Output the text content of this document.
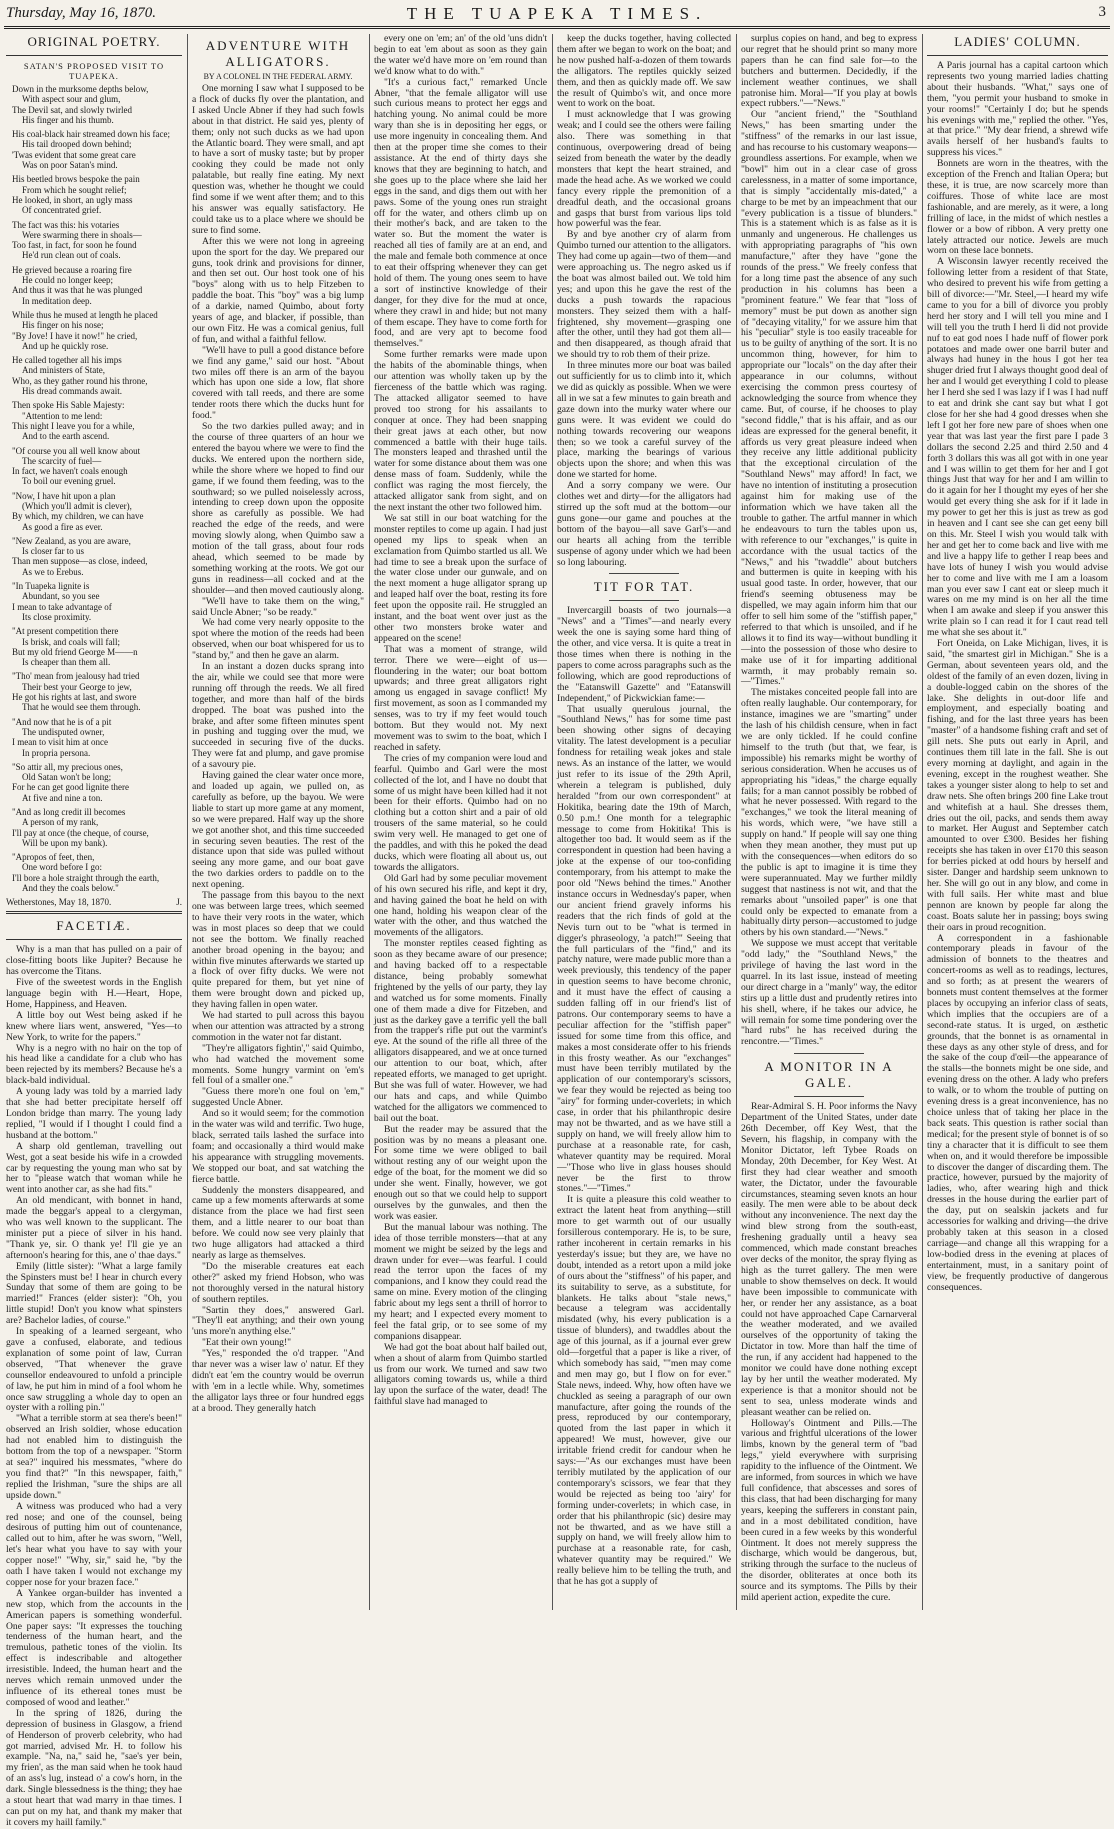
Thursday, May 16, 1870.	THE TUAPEKA TIMES.	3
ORIGINAL POETRY.
SATAN'S PROPOSED VISIT TO TUAPEKA.
Down in the murksome depths below,
With aspect sour and glum,
The Devil sat, and slowly twirled
His finger and his thumb.
His coal-black hair streamed down his face;
His tail drooped down behind;
'Twas evident that some great care
Was on poor Satan's mind.
His beetled brows bespoke the pain
From which he sought relief;
He looked, in short, an ugly mass
Of concentrated grief.
The fact was this: his votaries
Were swarming there in shoals—
Too fast, in fact, for soon he found
He'd run clean out of coals.
He grieved because a roaring fire
He could no longer keep;
And thus it was that he was plunged
In meditation deep.
While thus he mused at length he placed
His finger on his nose;
"By Jove! I have it now!" he cried,
And up he quickly rose.
He called together all his imps
And ministers of State,
Who, as they gather round his throne,
His dread commands await.
Then spoke His Sable Majesty:
"Attention to me lend:
This night I leave you for a while,
And to the earth ascend.
"Of course you all well know about
The scarcity of fuel—
In fact, we haven't coals enough
To boil our evening gruel.
"Now, I have hit upon a plan
(Which you'll admit is clever),
By which, my children, we can have
As good a fire as ever.
"New Zealand, as you are aware,
Is closer far to us
Than men suppose—as close, indeed,
As we to Erebus.
"In Tuapeka lignite is
Abundant, so you see
I mean to take advantage of
Its close proximity.
"At present competition there
Is brisk, and coals will fall;
But my old friend George M——n
Is cheaper than them all.
"Tho' mean from jealousy had tried
Their best your George to jew,
He got his rights at last, and swore
That he would see them through.
"And now that he is of a pit
The undisputed owner,
I mean to visit him at once
In propria persona.
"So attir all, my precious ones,
Old Satan won't be long;
For he can get good lignite there
At five and nine a ton.
"And as long credit ill becomes
A person of my rank,
I'll pay at once (the cheque, of course,
Will be upon my bank).
"Apropos of feet, then,
One word before I go:
I'll bore a hole straight through the earth,
And they the coals below."
Wetherstones, May 18, 1870.	J.
FACETIÆ.

Why is a man that has pulled on a pair of close-fitting boots like Jupiter? Because he has overcome the Titans.

Five of the sweetest words in the English language begin with H.—Heart, Hope, Home, Happiness, and Heaven.

A little boy out West being asked if he knew where liars went, answered, "Yes—to New York, to write for the papers."

Why is a negro with no hair on the top of his head like a candidate for a club who has been rejected by its members? Because he's a black-bald individual.

A young lady was told by a married lady that she had better precipitate herself off London bridge than marry. The young lady replied, "I would if I thought I could find a husband at the bottom."

A sharp old gentleman, travelling out West, got a seat beside his wife in a crowded car by requesting the young man who sat by her to "please watch that woman while he went into another car, as she had fits."

An old mendicant, with bonnet in hand, made the beggar's appeal to a clergyman, who was well known to the supplicant. The minister put a piece of silver in his hand. "Thank ye, sir. O thank ye! I'll gie ye an afternoon's hearing for this, ane o' thae days."

Emily (little sister): "What a large family the Spinsters must be! I hear in church every Sunday that some of them are going to be married!" Frances (elder sister): "Oh, you little stupid! Don't you know what spinsters are? Bachelor ladies, of course."

In speaking of a learned sergeant, who gave a confused, elaborate, and tedious explanation of some point of law, Curran observed, "That whenever the grave counsellor endeavoured to unfold a principle of law, he put him in mind of a fool whom he once saw struggling a whole day to open an oyster with a rolling pin."

"What a terrible storm at sea there's been!" observed an Irish soldier, whose education had not enabled him to distinguish the bottom from the top of a newspaper. "Storm at sea?" inquired his messmates, "where do you find that?" "In this newspaper, faith," replied the Irishman, "sure the ships are all upside down."

A witness was produced who had a very red nose; and one of the counsel, being desirous of putting him out of countenance, called out to him, after he was sworn, "Well, let's hear what you have to say with your copper nose!" "Why, sir," said he, "by the oath I have taken I would not exchange my copper nose for your brazen face."

A Yankee organ-builder has invented a new stop, which from the accounts in the American papers is something wonderful. One paper says: "It expresses the touching tenderness of the human heart, and the tremulous, pathetic tones of the violin. Its effect is indescribable and altogether irresistible. Indeed, the human heart and the nerves which remain unmoved under the influence of its ethereal tones must be composed of wood and leather."

In the spring of 1826, during the depression of business in Glasgow, a friend of Henderson of proverb celebrity, who had got married, advised Mr. H. to follow his example. "Na, na," said he, "sae's yer bein, my frien', as the man said when he took haud of an ass's lug, instead o' a cow's horn, in the dark. Single blessedness is the thing; they hae a stout heart that wad marry in thae times. I can put on my hat, and thank my maker that it covers my haill family."

ADVENTURE WITH ALLIGATORS.
BY A COLONEL IN THE FEDERAL ARMY.

One morning I saw what I supposed to be a flock of ducks fly over the plantation, and I asked Uncle Abner if they had such fowls about in that district. He said yes, plenty of them; only not such ducks as we had upon the Atlantic board. They were small, and apt to have a sort of musky taste; but by proper cooking they could be made not only palatable, but really fine eating. My next question was, whether he thought we could find some if we went after them; and to this his answer was equally satisfactory. He could take us to a place where we should be sure to find some.

After this we were not long in agreeing upon the sport for the day. We prepared our guns, took drink and provisions for dinner, and then set out. Our host took one of his "boys" along with us to help Fitzeben to paddle the boat. This "boy" was a big lump of a darkie, named Quimbo, about forty years of age, and blacker, if possible, than our own Fitz. He was a comical genius, full of fun, and withal a faithful fellow.

"We'll have to pull a good distance before we find any game," said our host. "About two miles off there is an arm of the bayou which has upon one side a low, flat shore covered with tall reeds, and there are some tender roots there which the ducks hunt for food."

So the two darkies pulled away; and in the course of three quarters of an hour we entered the bayou where we were to find the ducks. We entered upon the northern side, while the shore where we hoped to find our game, if we found them feeding, was to the southward; so we pulled noiselessly across, intending to creep down upon the opposite shore as carefully as possible. We had reached the edge of the reeds, and were moving slowly along, when Quimbo saw a motion of the tall grass, about four rods ahead, which seemed to be made by something working at the roots. We got our guns in readiness—all cocked and at the shoulder—and then moved cautiously along.

"We'll have to take them on the wing," said Uncle Abner; "so be ready."

We had come very nearly opposite to the spot where the motion of the reeds had been observed, when our boat whispered for us to "stand by," and then he gave an alarm.

In an instant a dozen ducks sprang into the air, while we could see that more were running off through the reeds. We all fired together, and more than half of the birds dropped. The boat was pushed into the brake, and after some fifteen minutes spent in pushing and tugging over the mud, we succeeded in securing five of the ducks. They were fat and plump, and gave promise of a savoury pie.

Having gained the clear water once more, and loaded up again, we pulled on, as carefully as before, up the bayou. We were liable to start up more game at any moment, so we were prepared. Half way up the shore we got another shot, and this time succeeded in securing seven beauties. The rest of the distance upon that side was pulled without seeing any more game, and our boat gave the two darkies orders to paddle on to the next opening.

The passage from this bayou to the next one was between large trees, which seemed to have their very roots in the water, which was in most places so deep that we could not see the bottom. We finally reached another broad opening in the bayou; and within five minutes afterwards we started up a flock of over fifty ducks. We were not quite prepared for them, but yet nine of them were brought down and picked up, they having fallen in open water.

We had started to pull across this bayou when our attention was attracted by a strong commotion in the water not far distant.

"They're alligators fightin'," said Quimbo, who had watched the movement some moments. Some hungry varmint on 'em's fell foul of a smaller one."

"Guess there more'n one foul on 'em," suggested Uncle Abner.

And so it would seem; for the commotion in the water was wild and terrific. Two huge, black, serrated tails lashed the surface into foam; and occasionally a third would make his appearance with struggling movements. We stopped our boat, and sat watching the fierce battle.

Suddenly the monsters disappeared, and came up a few moments afterwards at some distance from the place we had first seen them, and a little nearer to our boat than before. We could now see very plainly that two huge alligators had attacked a third nearly as large as themselves.

"Do the miserable creatures eat each other?" asked my friend Hobson, who was not thoroughly versed in the natural history of southern reptiles.

"Sartin they does," answered Garl. "They'll eat anything; and their own young 'uns more'n anything else."

"Eat their own young!"

"Yes," responded the o'd trapper. "And thar never was a wiser law o' natur. Ef they didn't eat 'em the country would be overrun with 'em in a lectle while. Why, sometimes the alligator lays three or four hundred eggs at a brood. They generally hatch

every one on 'em; an' of the old 'uns didn't begin to eat 'em about as soon as they gain the water we'd have more on 'em round than we'd know what to do with."

"It's a curious fact," remarked Uncle Abner, "that the female alligator will use such curious means to protect her eggs and hatching young. No animal could be more wary than she is in depositing her eggs, or use more ingenuity in concealing them. And then at the proper time she comes to their assistance. At the end of thirty days she knows that they are beginning to hatch, and she goes up to the place where she laid her eggs in the sand, and digs them out with her paws. Some of the young ones run straight off for the water, and others climb up on their mother's back, and are taken to the water so. But the moment the water is reached all ties of family are at an end, and the male and female both commence at once to eat their offspring whenever they can get hold of them. The young ones seem to have a sort of instinctive knowledge of their danger, for they dive for the mud at once, where they crawl in and hide; but not many of them escape. They have to come forth for food, and are very apt to become food themselves."

Some further remarks were made upon the habits of the abominable things, when our attention was wholly taken up by the fierceness of the battle which was raging. The attacked alligator seemed to have proved too strong for his assailants to conquer at once. They had been snapping their great jaws at each other, but now commenced a battle with their huge tails. The monsters leaped and thrashed until the water for some distance about them was one dense mass of foam. Suddenly, while the conflict was raging the most fiercely, the attacked alligator sank from sight, and on the next instant the other two followed him.

We sat still in our boat watching for the monster reptiles to come up again. I had just opened my lips to speak when an exclamation from Quimbo startled us all. We had time to see a break upon the surface of the water close under our gunwale, and on the next moment a huge alligator sprang up and leaped half over the boat, resting its fore feet upon the opposite rail. He struggled an instant, and the boat went over just as the other two monsters broke water and appeared on the scene!

That was a moment of strange, wild terror. There we were—eight of us—floundering in the water; our boat bottom upwards; and three great alligators right among us engaged in savage conflict! My first movement, as soon as I commanded my senses, was to try if my feet would touch bottom. But they would not. My next movement was to swim to the boat, which I reached in safety.

The cries of my companion were loud and fearful. Quimbo and Garl were the most collected of the lot, and I have no doubt that some of us might have been killed had it not been for their efforts. Quimbo had on no clothing but a cotton shirt and a pair of old trousers of the same material, so he could swim very well. He managed to get one of the paddles, and with this he poked the dead ducks, which were floating all about us, out towards the alligators.

Old Garl had by some peculiar movement of his own secured his rifle, and kept it dry, and having gained the boat he held on with one hand, holding his weapon clear of the water with the other, and thus watched the movements of the alligators.

The monster reptiles ceased fighting as soon as they became aware of our presence; and having backed off to a respectable distance, being probably somewhat frightened by the yells of our party, they lay and watched us for some moments. Finally one of them made a dive for Fitzeben, and just as the darkey gave a terrific yell the ball from the trapper's rifle put out the varmint's eye. At the sound of the rifle all three of the alligators disappeared, and we at once turned our attention to our boat, which, after repeated efforts, we managed to get upright. But she was full of water. However, we had our hats and caps, and while Quimbo watched for the alligators we commenced to bail out the boat.

But the reader may be assured that the position was by no means a pleasant one. For some time we were obliged to bail without resting any of our weight upon the edge of the boat, for the moment we did so under she went. Finally, however, we got enough out so that we could help to support ourselves by the gunwales, and then the work was easier.

But the manual labour was nothing. The idea of those terrible monsters—that at any moment we might be seized by the legs and drawn under for ever—was fearful. I could read the terror upon the faces of my companions, and I know they could read the same on mine. Every motion of the clinging fabric about my legs sent a thrill of horror to my heart; and I expected every moment to feel the fatal grip, or to see some of my companions disappear.

We had got the boat about half bailed out, when a shout of alarm from Quimbo startled us from our work. We turned and saw two alligators coming towards us, while a third lay upon the surface of the water, dead! The faithful slave had managed to

keep the ducks together, having collected them after we began to work on the boat; and he now pushed half-a-dozen of them towards the alligators. The reptiles quickly seized them, and then as quickly made off. We saw the result of Quimbo's wit, and once more went to work on the boat.

I must acknowledge that I was growing weak; and I could see the others were failing also. There was something in that continuous, overpowering dread of being seized from beneath the water by the deadly monsters that kept the heart strained, and made the head ache. As we worked we could fancy every ripple the premonition of a dreadful death, and the occasional groans and gasps that burst from various lips told how powerful was the fear.

By and bye another cry of alarm from Quimbo turned our attention to the alligators. They had come up again—two of them—and were approaching us. The negro asked us if the boat was almost bailed out. We told him yes; and upon this he gave the rest of the ducks a push towards the rapacious monsters. They seized them with a half-frightened, shy movement—grasping one after the other, until they had got them all—and then disappeared, as though afraid that we should try to rob them of their prize.

In three minutes more our boat was bailed out sufficiently for us to climb into it, which we did as quickly as possible. When we were all in we sat a few minutes to gain breath and gaze down into the murky water where our guns were. It was evident we could do nothing towards recovering our weapons then; so we took a careful survey of the place, marking the bearings of various objects upon the shore; and when this was done we started for home.

And a sorry company we were. Our clothes wet and dirty—for the alligators had stirred up the soft mud at the bottom—our guns gone—our game and pouches at the bottom of the bayou—all save Garl's—and our hearts all aching from the terrible suspense of agony under which we had been so long labouring.

TIT FOR TAT.

Invercargill boasts of two journals—a "News" and a "Times"—and nearly every week the one is saying some hard thing of the other, and vice versa. It is quite a treat in those times when there is nothing in the papers to come across paragraphs such as the following, which are good reproductions of the "Eatanswill Gazette" and "Eatanswill Independent," of Pickwickian fame:—

That usually querulous journal, the "Southland News," has for some time past been showing other signs of decaying vitality. The latest development is a peculiar fondness for retailing weak jokes and stale news. As an instance of the latter, we would just refer to its issue of the 29th April, wherein a telegram is published, duly heralded "from our own correspondent" at Hokitika, bearing date the 19th of March, 0.50 p.m.! One month for a telegraphic message to come from Hokitika! This is altogether too bad. It would seem as if the correspondent in question had been having a joke at the expense of our too-confiding contemporary, from his attempt to make the poor old "News behind the times." Another instance occurs in Wednesday's paper, when our ancient friend gravely informs his readers that the rich finds of gold at the Nevis turn out to be "what is termed in digger's phraseology, 'a patch!'" Seeing that the full particulars of the "find," and its patchy nature, were made public more than a week previously, this tendency of the paper in question seems to have become chronic, and it must have the effect of causing a sudden falling off in our friend's list of patrons. Our contemporary seems to have a peculiar affection for the "stiffish paper" issued for some time from this office, and makes a most considerate offer to his friends in this frosty weather. As our "exchanges" must have been terribly mutilated by the application of our contemporary's scissors, we fear they would be rejected as being too "airy" for forming under-coverlets; in which case, in order that his philanthropic desire may not be thwarted, and as we have still a supply on hand, we will freely allow him to purchase at a reasonable rate, for cash, whatever quantity may be required. Moral—"Those who live in glass houses should never be the first to throw stones."—"Times."

It is quite a pleasure this cold weather to extract the latent heat from anything—still more to get warmth out of our usually forsillerous contemporary. He is, to be sure, rather incoherent in certain remarks in his yesterday's issue; but they are, we have no doubt, intended as a retort upon a mild joke of ours about the "stiffness" of his paper, and its suitability to serve, as a substitute, for blankets. He talks about "stale news," because a telegram was accidentally misdated (why, his every publication is a tissue of blunders), and twaddles about the age of this journal, as if a journal ever grew old—forgetful that a paper is like a river, of which somebody has said, ""men may come and men may go, but I flow on for ever." Stale news, indeed. Why, how often have we chuckled as seeing a paragraph of our own manufacture, after going the rounds of the press, reproduced by our contemporary, quoted from the last paper in which it appeared! We must, however, give our irritable friend credit for candour when he says:—"As our exchanges must have been terribly mutilated by the application of our contemporary's scissors, we fear that they would be rejected as being too 'airy' for forming under-coverlets; in which case, in order that his philanthropic (sic) desire may not be thwarted, and as we have still a supply on hand, we will freely allow him to purchase at a reasonable rate, for cash, whatever quantity may be required." We really believe him to be telling the truth, and that he has got a supply of

surplus copies on hand, and beg to express our regret that he should print so many more papers than he can find sale for—to the butchers and buttermen. Decidedly, if the inclement weather continues, we shall patronise him. Moral—"If you play at bowls expect rubbers."—"News."

Our "ancient friend," the "Southland News," has been smarting under the "stiffness" of the remarks in our last issue, and has recourse to his customary weapons—groundless assertions. For example, when we "bowl" him out in a clear case of gross carelessness, in a matter of some importance, that is simply "accidentally mis-dated," a charge to be met by an impeachment that our "every publication is a tissue of blunders." This is a statement which is as false as it is unmanly and ungenerous. He challenges us with appropriating paragraphs of "his own manufacture," after they have "gone the rounds of the press." We freely confess that for a long time past the absence of any such production in his columns has been a "prominent feature." We fear that "loss of memory" must be put down as another sign of "decaying vitality," for we assure him that his "peculiar" style is too easily traceable for us to be guilty of anything of the sort. It is no uncommon thing, however, for him to appropriate our "locals" on the day after their appearance in our columns, without exercising the common press courtesy of acknowledging the source from whence they came. But, of course, if he chooses to play "second fiddle," that is his affair, and as our ideas are expressed for the general benefit, it affords us very great pleasure indeed when they receive any little additional publicity that the exceptional circulation of the "Southland News" may afford! In fact, we have no intention of instituting a prosecution against him for making use of the information which we have taken all the trouble to gather. The artful manner in which he endeavours to turn the tables upon us, with reference to our "exchanges," is quite in accordance with the usual tactics of the "News," and his "twaddle" about butchers and buttermen is quite in keeping with his usual good taste. In order, however, that our friend's seeming obtuseness may be dispelled, we may again inform him that our offer to sell him some of the "stiffish paper," referred to that which is unsoiled, and if he allows it to find its way—without bundling it—into the possession of those who desire to make use of it for imparting additional warmth, it may probably remain so.—"Times."

The mistakes conceited people fall into are often really laughable. Our contemporary, for instance, imagines we are "smarting" under the lash of his childish censure, when in fact we are only tickled. If he could confine himself to the truth (but that, we fear, is impossible) his remarks might be worthy of serious consideration. When he accuses us of appropriating his "ideas," the charge equally fails; for a man cannot possibly be robbed of what he never possessed. With regard to the "exchanges," we took the literal meaning of his words, which were, "we have still a supply on hand." If people will say one thing when they mean another, they must put up with the consequences—when editors do so the public is apt to imagine it is time they were superannuated. May we further mildly suggest that nastiness is not wit, and that the remarks about "unsoiled paper" is one that could only be expected to emanate from a habitually dirty person—accustomed to judge others by his own standard.—"News."

We suppose we must accept that veritable "odd lady," the "Southland News," the privilege of having the last word in the quarrel. In its last issue, instead of meeting our direct charge in a "manly" way, the editor stirs up a little dust and prudently retires into his shell, where, if he takes our advice, he will remain for some time pondering over the "hard rubs" he has received during the rencontre.—"Times."

A MONITOR IN A GALE.

Rear-Admiral S. H. Poor informs the Navy Department of the United States, under date 26th December, off Key West, that the Severn, his flagship, in company with the Monitor Dictator, left Tybee Roads on Monday, 20th December, for Key West. At first they had clear weather and smooth water, the Dictator, under the favourable circumstances, steaming seven knots an hour easily. The men were able to be about deck without any inconvenience. The next day the wind blew strong from the south-east, freshening gradually until a heavy sea commenced, which made constant breaches over decks of the monitor, the spray flying as high as the turret gallery. The men were unable to show themselves on deck. It would have been impossible to communicate with her, or render her any assistance, as a boat could not have approached Cape Carnarveral the weather moderated, and we availed ourselves of the opportunity of taking the Dictator in tow. More than half the time of the run, if any accident had happened to the monitor we could have done nothing except lay by her until the weather moderated. My experience is that a monitor should not be sent to sea, unless moderate winds and pleasant weather can be relied on.

Holloway's Ointment and Pills.—The various and frightful ulcerations of the lower limbs, known by the general term of "bad legs," yield everywhere with surprising rapidity to the influence of the Ointment. We are informed, from sources in which we have full confidence, that abscesses and sores of this class, that had been discharging for many years, keeping the sufferers in constant pain, and in a most debilitated condition, have been cured in a few weeks by this wonderful Ointment. It does not merely suppress the discharge, which would be dangerous, but, striking through the surface to the nucleus of the disorder, obliterates at once both its source and its symptoms. The Pills by their mild aperient action, expedite the cure.

LADIES' COLUMN.

A Paris journal has a capital cartoon which represents two young married ladies chatting about their husbands. "What," says one of them, "you permit your husband to smoke in your rooms!" "Certainly I do; but he spends his evenings with me," replied the other. "Yes, at that price." "My dear friend, a shrewd wife avails herself of her husband's faults to suppress his vices."

Bonnets are worn in the theatres, with the exception of the French and Italian Opera; but these, it is true, are now scarcely more than coiffures. Those of white lace are most fashionable, and are merely, as it were, a long frilling of lace, in the midst of which nestles a flower or a bow of ribbon. A very pretty one lately attracted our notice. Jewels are much worn on these lace bonnets.

A Wisconsin lawyer recently received the following letter from a resident of that State, who desired to prevent his wife from getting a bill of divorce:—"Mr. Steel,—I heard my wife came to you for a bill of divorce you probly herd her story and I will tell you mine and I will tell you the truth I herd Ii did not provide nuf to eat god noes I hade nuff of flower pork potatoes and made ower one barril buter and always had huney in the hous I got her tea shuger dried frut I always thought good deal of her and I would get everything I cold to please her I herd she sed I was lazy if I was I had nuff to eat and drink she cant say but what I got close for her she had 4 good dresses when she left I got her fore new pare of shoes when one year that was last year the first pare I pade 3 dollars the second 2.25 and third 2.50 and 4 forth 3 dollars this was all got with in one year and I was willin to get them for her and I got things Just that way for her and I am willin to do it again for her I thought my eyes of her she would get every thing she ask for if it lade in my power to get her this is just as trew as god in heaven and I cant see she can get eeny bill on this. Mr. Steel I wish you would talk with her and get her to come back and live with me and live a happy life to gether I reap bees and have lots of huney I wish you would advise her to come and live with me I am a loasom man you ever saw I cant eat or sleep much it wares on me my mind is on her all the time when I am awake and sleep if you answer this write plain so I can read it for I caut read tell me what she ses about it."

Fort Oneida, on Lake Michigan, lives, it is said, "the smartest girl in Michigan." She is a German, about seventeen years old, and the oldest of the family of an even dozen, living in a double-logged cabin on the shores of the lake. She delights in out-door life and employment, and especially boating and fishing, and for the last three years has been "master" of a handsome fishing craft and set of gill nets. She puts out early in April, and continues them till late in the fall. She is out every morning at daylight, and again in the evening, except in the roughest weather. She takes a younger sister along to help to set and draw nets. She often brings 200 fine Lake trout and whitefish at a haul. She dresses them, dries out the oil, packs, and sends them away to market. Her August and September catch amounted to over £300. Besides her fishing receipts she has taken in over £170 this season for berries picked at odd hours by herself and sister. Danger and hardship seem unknown to her. She will go out in any blow, and come in with full sails. Her white mast and blue pennon are known by people far along the coast. Boats salute her in passing; boys swing their oars in proud recognition.

A correspondent in a fashionable contemporary pleads in favour of the admission of bonnets to the theatres and concert-rooms as well as to readings, lectures, and so forth; as at present the wearers of bonnets must content themselves at the former places by occupying an inferior class of seats, which implies that the occupiers are of a second-rate status. It is urged, on æsthetic grounds, that the bonnet is as ornamental in these days as any other style of dress, and for the sake of the coup d'œil—the appearance of the stalls—the bonnets might be one side, and evening dress on the other. A lady who prefers to walk, or to whom the trouble of putting on evening dress is a great inconvenience, has no choice unless that of taking her place in the back seats. This question is rather social than medical; for the present style of bonnet is of so tiny a character that it is difficult to see them when on, and it would therefore be impossible to discover the danger of discarding them. The practice, however, pursued by the majority of ladies, who, after wearing high and thick dresses in the house during the earlier part of the day, put on sealskin jackets and fur accessories for walking and driving—the drive probably taken at this season in a closed carriage—and change all this wrapping for a low-bodied dress in the evening at places of entertainment, must, in a sanitary point of view, be frequently productive of dangerous consequences.
